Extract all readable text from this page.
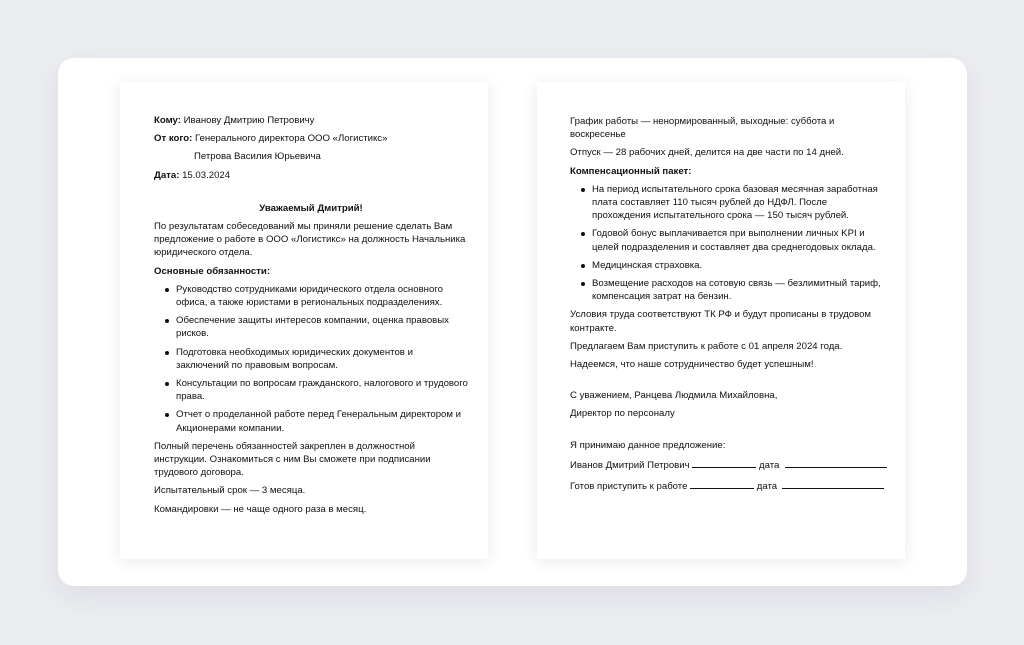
Кому: Иванову Дмитрию Петровичу

От кого: Генерального директора ООО «Логистикс»

Петрова Василия Юрьевича

Дата: 15.03.2024

Уважаемый Дмитрий!

По результатам собеседований мы приняли решение сделать Вам предложение о работе в ООО «Логистикс» на должность Начальника юридического отдела.

Основные обязанности:

Руководство сотрудниками юридического отдела основного офиса, а также юристами в региональных подразделениях.
Обеспечение защиты интересов компании, оценка правовых рисков.
Подготовка необходимых юридических документов и заключений по правовым вопросам.
Консультации по вопросам гражданского, налогового и трудового права.
Отчет о проделанной работе перед Генеральным директором и Акционерами компании.

Полный перечень обязанностей закреплен в должностной инструкции. Ознакомиться с ним Вы сможете при подписании трудового договора.

Испытательный срок — 3 месяца.

Командировки — не чаще одного раза в месяц.

График работы — ненормированный, выходные: суббота и воскресенье

Отпуск — 28 рабочих дней, делится на две части по 14 дней.

Компенсационный пакет:

На период испытательного срока базовая месячная заработная плата составляет 110 тысяч рублей до НДФЛ. После прохождения испытательного срока — 150 тысяч рублей.
Годовой бонус выплачивается при выполнении личных KPI и целей подразделения и составляет два среднегодовых оклада.
Медицинская страховка.
Возмещение расходов на сотовую связь — безлимитный тариф, компенсация затрат на бензин.

Условия труда соответствуют ТК РФ и будут прописаны в трудовом контракте.

Предлагаем Вам приступить к работе с 01 апреля 2024 года.

Надеемся, что наше сотрудничество будет успешным!

С уважением, Ранцева Людмила Михайловна,

Директор по персоналу

Я принимаю данное предложение:

Иванов Дмитрий Петрович	дата

Готов приступить к работе	дата
